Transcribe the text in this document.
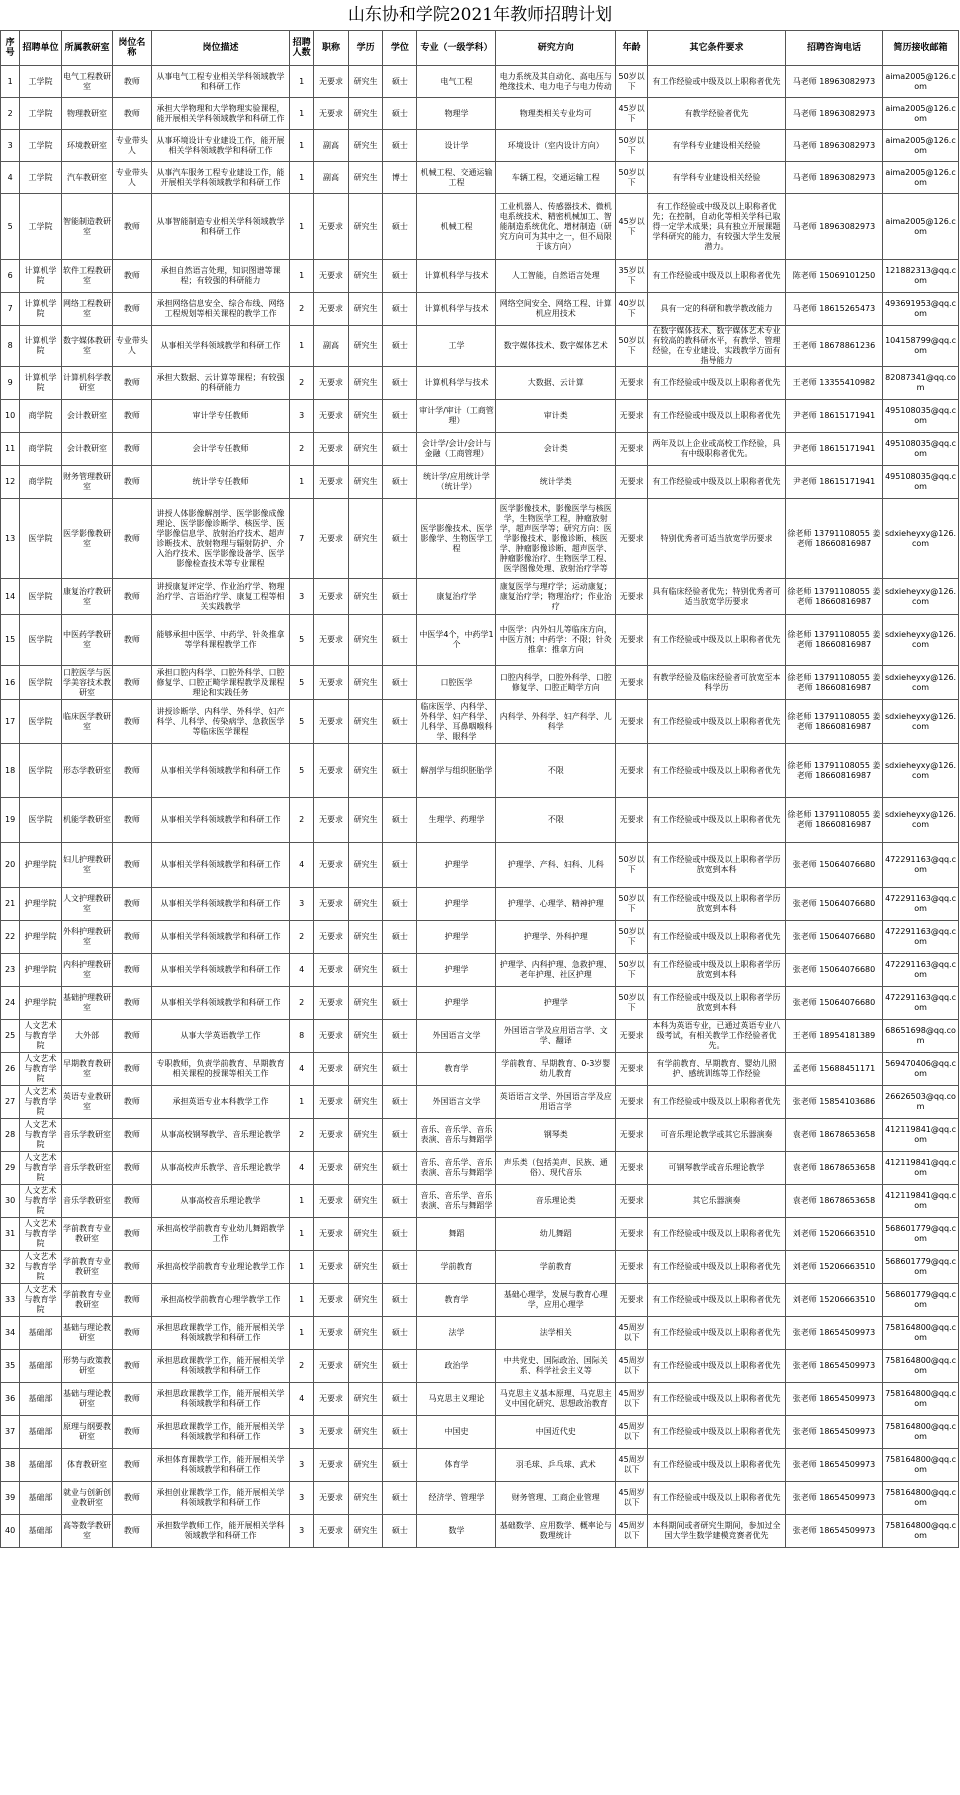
山东协和学院2021年教师招聘计划
序号	招聘单位	所属教研室	岗位名称	岗位描述	招聘人数	职称	学历	学位	专业（一级学科）	研究方向	年龄	其它条件要求	招聘咨询电话	简历接收邮箱
1	工学院	电气工程教研室	教师	从事电气工程专业相关学科领域教学和科研工作	1	无要求	研究生	硕士	电气工程	电力系统及其自动化、高电压与绝缘技术、电力电子与电力传动	50岁以下	有工作经验或中级及以上职称者优先	马老师 18963082973	aima2005@126.com
2	工学院	物理教研室	教师	承担大学物理和大学物理实验课程，能开展相关学科领域教学和科研工作	1	无要求	研究生	硕士	物理学	物理类相关专业均可	45岁以下	有教学经验者优先	马老师 18963082973	aima2005@126.com
3	工学院	环境教研室	专业带头人	从事环境设计专业建设工作，能开展相关学科领域教学和科研工作	1	副高	研究生	硕士	设计学	环境设计（室内设计方向）	50岁以下	有学科专业建设相关经验	马老师 18963082973	aima2005@126.com
4	工学院	汽车教研室	专业带头人	从事汽车服务工程专业建设工作，能开展相关学科领域教学和科研工作	1	副高	研究生	博士	机械工程、交通运输工程	车辆工程，交通运输工程	50岁以下	有学科专业建设相关经验	马老师 18963082973	aima2005@126.com
5	工学院	智能制造教研室	教师	从事智能制造专业相关学科领域教学和科研工作	1	无要求	研究生	硕士	机械工程	工业机器人、传感器技术、微机电系统技术、精密机械加工、智能制造系统优化、增材制造（研究方向可为其中之一，但不局限于该方向）	45岁以下	有工作经验或中级及以上职称者优先；在控制，自动化等相关学科已取得一定学术成果；具有独立开展课题学科研究的能力，有较强大学生发展潜力。	马老师 18963082973	aima2005@126.com
6	计算机学院	软件工程教研室	教师	承担自然语言处理，知识图谱等课程；有较强的科研能力	1	无要求	研究生	硕士	计算机科学与技术	人工智能，自然语言处理	35岁以下	有工作经验或中级及以上职称者优先	陈老师 15069101250	121882313@qq.com
7	计算机学院	网络工程教研室	教师	承担网络信息安全、综合布线、网络工程规划等相关课程的教学工作	2	无要求	研究生	硕士	计算机科学与技术	网络空间安全、网络工程、计算机应用技术	40岁以下	具有一定的科研和教学教改能力	马老师 18615265473	493691953@qq.com
8	计算机学院	数字媒体教研室	专业带头人	从事相关学科领域教学和科研工作	1	副高	研究生	硕士	工学	数字媒体技术、数字媒体艺术	50岁以下	在数字媒体技术、数字媒体艺术专业有较高的教科研水平，有教学、管理经验，在专业建设、实践教学方面有指导能力	王老师 18678861236	104158799@qq.com
9	计算机学院	计算机科学教研室	教师	承担大数据、云计算等课程；有较强的科研能力	2	无要求	研究生	硕士	计算机科学与技术	大数据、云计算	无要求	有工作经验或中级及以上职称者优先	王老师 13355410982	82087341@qq.com
10	商学院	会计教研室	教师	审计学专任教师	3	无要求	研究生	硕士	审计学/审计（工商管理）	审计类	无要求	有工作经验或中级及以上职称者优先	尹老师 18615171941	495108035@qq.com
11	商学院	会计教研室	教师	会计学专任教师	2	无要求	研究生	硕士	会计学/会计/会计与金融（工商管理）	会计类	无要求	两年及以上企业或高校工作经验，具有中级职称者优先。	尹老师 18615171941	495108035@qq.com
12	商学院	财务管理教研室	教师	统计学专任教师	1	无要求	研究生	硕士	统计学/应用统计学（统计学）	统计学类	无要求	有工作经验或中级及以上职称者优先	尹老师 18615171941	495108035@qq.com
13	医学院	医学影像教研室	教师	讲授人体影像解剖学、医学影像成像理论、医学影像诊断学、核医学、医学影像信息学、放射治疗技术、超声诊断技术、放射物理与辐射防护、介入治疗技术、医学影像设备学、医学影像检查技术等专业课程	7	无要求	研究生	硕士	医学影像技术、医学影像学、生物医学工程	医学影像技术，影像医学与核医学，生物医学工程，肿瘤放射学，超声医学等；研究方向：医学影像技术、影像诊断、核医学、肿瘤影像诊断、超声医学、肿瘤影像治疗、生物医学工程、医学图像处理、放射治疗学等	无要求	特别优秀者可适当放宽学历要求	徐老师 13791108055 姜老师 18660816987	sdxieheyxy@126.com
14	医学院	康复治疗教研室	教师	讲授康复评定学、作业治疗学、物理治疗学、言语治疗学、康复工程等相关实践教学	3	无要求	研究生	硕士	康复治疗学	康复医学与理疗学；运动康复；康复治疗学；物理治疗；作业治疗	无要求	具有临床经验者优先；特别优秀者可适当放宽学历要求	徐老师 13791108055 姜老师 18660816987	sdxieheyxy@126.com
15	医学院	中医药学教研室	教师	能够承担中医学、中药学、针灸推拿等学科课程教学工作	5	无要求	研究生	硕士	中医学4个，中药学1个	中医学：内外妇儿等临床方向，中医方剂；中药学：不限；针灸推拿：推拿方向	无要求	有工作经验或中级及以上职称者优先	徐老师 13791108055 姜老师 18660816987	sdxieheyxy@126.com
16	医学院	口腔医学与医学美容技术教研室	教师	承担口腔内科学、口腔外科学、口腔修复学、口腔正畸学课程教学及课程理论和实践任务	5	无要求	研究生	硕士	口腔医学	口腔内科学，口腔外科学、口腔修复学、口腔正畸学方向	无要求	有教学经验及临床经验者可放宽至本科学历	徐老师 13791108055 姜老师 18660816987	sdxieheyxy@126.com
17	医学院	临床医学教研室	教师	讲授诊断学、内科学、外科学、妇产科学、儿科学、传染病学、急救医学等临床医学课程	5	无要求	研究生	硕士	临床医学、内科学、外科学、妇产科学、儿科学、耳鼻咽喉科学、眼科学	内科学、外科学、妇产科学、儿科学	无要求	有工作经验或中级及以上职称者优先	徐老师 13791108055 姜老师 18660816987	sdxieheyxy@126.com
18	医学院	形态学教研室	教师	从事相关学科领域教学和科研工作	5	无要求	研究生	硕士	解剖学与组织胚胎学	不限	无要求	有工作经验或中级及以上职称者优先	徐老师 13791108055 姜老师 18660816987	sdxieheyxy@126.com
19	医学院	机能学教研室	教师	从事相关学科领域教学和科研工作	2	无要求	研究生	硕士	生理学、药理学	不限	无要求	有工作经验或中级及以上职称者优先	徐老师 13791108055 姜老师 18660816987	sdxieheyxy@126.com
20	护理学院	妇儿护理教研室	教师	从事相关学科领域教学和科研工作	4	无要求	研究生	硕士	护理学	护理学、产科、妇科、儿科	50岁以下	有工作经验或中级及以上职称者学历放宽到本科	张老师 15064076680	472291163@qq.com
21	护理学院	人文护理教研室	教师	从事相关学科领域教学和科研工作	3	无要求	研究生	硕士	护理学	护理学、心理学、精神护理	50岁以下	有工作经验或中级及以上职称者学历放宽到本科	张老师 15064076680	472291163@qq.com
22	护理学院	外科护理教研室	教师	从事相关学科领域教学和科研工作	2	无要求	研究生	硕士	护理学	护理学、外科护理	50岁以下	有工作经验或中级及以上职称者优先	张老师 15064076680	472291163@qq.com
23	护理学院	内科护理教研室	教师	从事相关学科领域教学和科研工作	4	无要求	研究生	硕士	护理学	护理学、内科护理、急救护理、老年护理、社区护理	50岁以下	有工作经验或中级及以上职称者学历放宽到本科	张老师 15064076680	472291163@qq.com
24	护理学院	基础护理教研室	教师	从事相关学科领域教学和科研工作	2	无要求	研究生	硕士	护理学	护理学	50岁以下	有工作经验或中级及以上职称者学历放宽到本科	张老师 15064076680	472291163@qq.com
25	人文艺术与教育学院	大外部	教师	从事大学英语教学工作	8	无要求	研究生	硕士	外国语言文学	外国语言学及应用语言学、文学、翻译	无要求	本科为英语专业，已通过英语专业八级考试，有相关教学工作经验者优先。	王老师 18954181389	68651698@qq.com
26	人文艺术与教育学院	早期教育教研室	教师	专职教师，负责学前教育、早期教育相关课程的授课等相关工作	4	无要求	研究生	硕士	教育学	学前教育、早期教育、0-3岁婴幼儿教育	无要求	有学前教育、早期教育、婴幼儿照护、感统训练等工作经验	孟老师 15688451171	569470406@qq.com
27	人文艺术与教育学院	英语专业教研室	教师	承担英语专业本科教学工作	1	无要求	研究生	硕士	外国语言文学	英语语言文学、外国语言学及应用语言学	无要求	有工作经验或中级及以上职称者优先	张老师 15854103686	26626503@qq.com
28	人文艺术与教育学院	音乐学教研室	教师	从事高校钢琴教学、音乐理论教学	2	无要求	研究生	硕士	音乐、音乐学、音乐表演、音乐与舞蹈学	钢琴类	无要求	可音乐理论教学或其它乐器演奏	袁老师 18678653658	412119841@qq.com
29	人文艺术与教育学院	音乐学教研室	教师	从事高校声乐教学、音乐理论教学	4	无要求	研究生	硕士	音乐、音乐学、音乐表演、音乐与舞蹈学	声乐类（包括美声、民族、通俗）、现代音乐	无要求	可钢琴教学或音乐理论教学	袁老师 18678653658	412119841@qq.com
30	人文艺术与教育学院	音乐学教研室	教师	从事高校音乐理论教学	1	无要求	研究生	硕士	音乐、音乐学、音乐表演、音乐与舞蹈学	音乐理论类	无要求	其它乐器演奏	袁老师 18678653658	412119841@qq.com
31	人文艺术与教育学院	学前教育专业教研室	教师	承担高校学前教育专业幼儿舞蹈教学工作	1	无要求	研究生	硕士	舞蹈	幼儿舞蹈	无要求	有工作经验或中级及以上职称者优先	刘老师 15206663510	568601779@qq.com
32	人文艺术与教育学院	学前教育专业教研室	教师	承担高校学前教育专业理论教学工作	1	无要求	研究生	硕士	学前教育	学前教育	无要求	有工作经验或中级及以上职称者优先	刘老师 15206663510	568601779@qq.com
33	人文艺术与教育学院	学前教育专业教研室	教师	承担高校学前教育心理学教学工作	1	无要求	研究生	硕士	教育学	基础心理学，发展与教育心理学，应用心理学	无要求	有工作经验或中级及以上职称者优先	刘老师 15206663510	568601779@qq.com
34	基础部	基础与理论教研室	教师	承担思政课教学工作，能开展相关学科领域教学和科研工作	1	无要求	研究生	硕士	法学	法学相关	45周岁以下	有工作经验或中级及以上职称者优先	张老师 18654509973	758164800@qq.com
35	基础部	形势与政策教研室	教师	承担思政课教学工作，能开展相关学科领域教学和科研工作	2	无要求	研究生	硕士	政治学	中共党史、国际政治、国际关系、科学社会主义等	45周岁以下	有工作经验或中级及以上职称者优先	张老师 18654509973	758164800@qq.com
36	基础部	基础与理论教研室	教师	承担思政课教学工作，能开展相关学科领域教学和科研工作	4	无要求	研究生	硕士	马克思主义理论	马克思主义基本原理、马克思主义中国化研究、思想政治教育	45周岁以下	有工作经验或中级及以上职称者优先	张老师 18654509973	758164800@qq.com
37	基础部	原理与纲要教研室	教师	承担思政课教学工作，能开展相关学科领域教学和科研工作	3	无要求	研究生	硕士	中国史	中国近代史	45周岁以下	有工作经验或中级及以上职称者优先	张老师 18654509973	758164800@qq.com
38	基础部	体育教研室	教师	承担体育课教学工作，能开展相关学科领域教学和科研工作	3	无要求	研究生	硕士	体育学	羽毛球、乒乓球、武术	45周岁以下	有工作经验或中级及以上职称者优先	张老师 18654509973	758164800@qq.com
39	基础部	就业与创新创业教研室	教师	承担创业课教学工作，能开展相关学科领域教学和科研工作	3	无要求	研究生	硕士	经济学、管理学	财务管理、工商企业管理	45周岁以下	有工作经验或中级及以上职称者优先	张老师 18654509973	758164800@qq.com
40	基础部	高等数学教研室	教师	承担数学教师工作，能开展相关学科领域教学和科研工作	3	无要求	研究生	硕士	数学	基础数学、应用数学、概率论与数理统计	45周岁以下	本科期间或者研究生期间，参加过全国大学生数学建模竞赛者优先	张老师 18654509973	758164800@qq.com
